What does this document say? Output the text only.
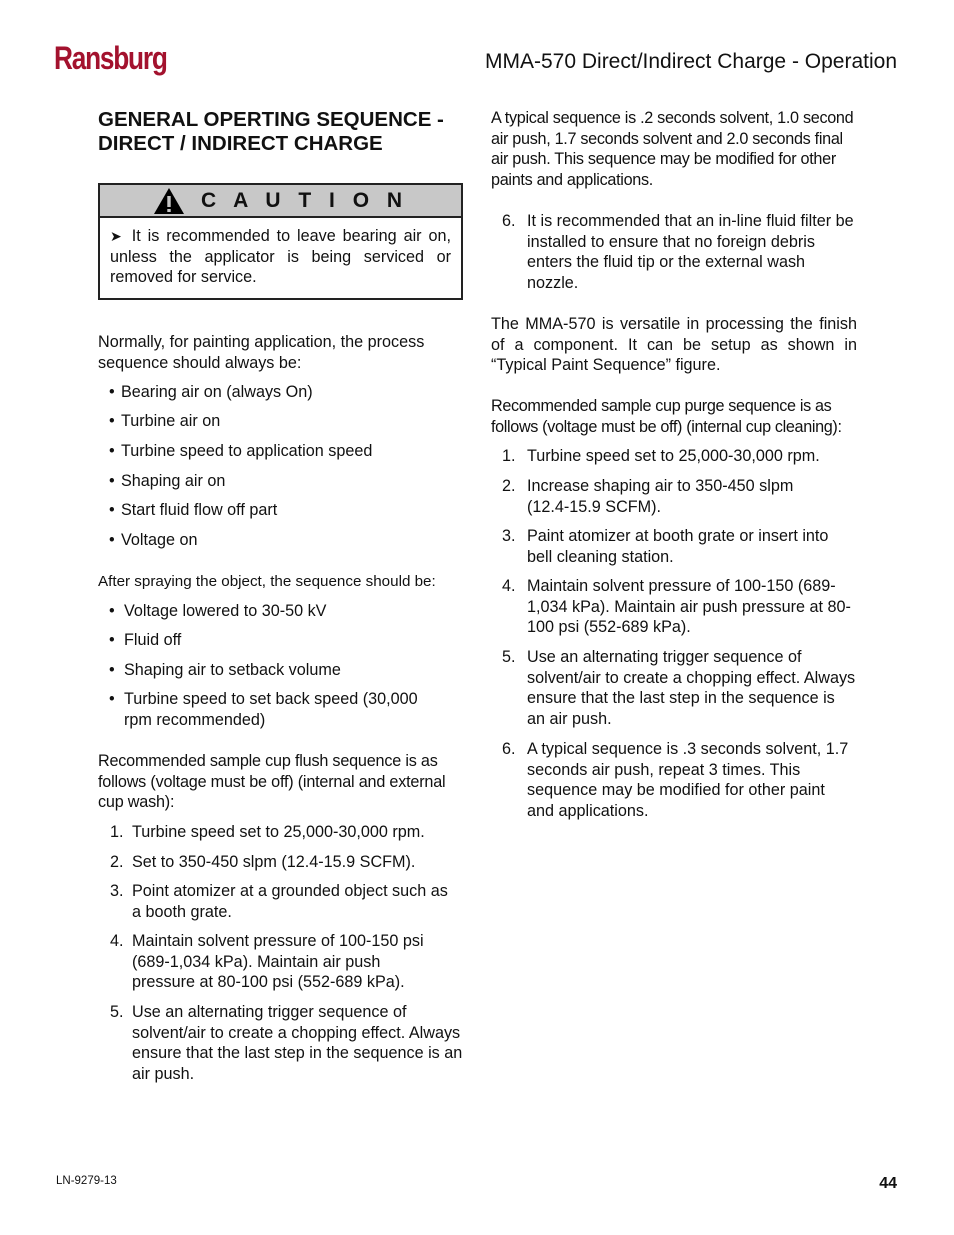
Ransburg	MMA-570 Direct/Indirect Charge - Operation
GENERAL OPERTING SEQUENCE - DIRECT / INDIRECT CHARGE
C A U T I O N
➤ It is recommended to leave bearing air on, unless the applicator is being serviced or removed for service.
Normally, for painting application, the process sequence should always be:
• Bearing air on (always On)
• Turbine air on
• Turbine speed to application speed
• Shaping air on
• Start fluid flow off part
• Voltage on
After spraying the object, the sequence should be:
• Voltage lowered to 30-50 kV
• Fluid off
• Shaping air to setback volume
• Turbine speed to set back speed (30,000 rpm recommended)
Recommended sample cup flush sequence is as follows (voltage must be off) (internal and external cup wash):
1. Turbine speed set to 25,000-30,000 rpm.
2. Set to 350-450 slpm (12.4-15.9 SCFM).
3. Point atomizer at a grounded object such as a booth grate.
4. Maintain solvent pressure of 100-150 psi (689-1,034 kPa). Maintain air push pressure at 80-100 psi (552-689 kPa).
5. Use an alternating trigger sequence of solvent/air to create a chopping effect. Always ensure that the last step in the sequence is an air push.
A typical sequence is .2 seconds solvent, 1.0 second air push, 1.7 seconds solvent and 2.0 seconds final air push. This sequence may be modified for other paints and applications.
6. It is recommended that an in-line fluid filter be installed to ensure that no foreign debris enters the fluid tip or the external wash nozzle.
The MMA-570 is versatile in processing the finish of a component. It can be setup as shown in “Typical Paint Sequence” figure.
Recommended sample cup purge sequence is as follows (voltage must be off) (internal cup cleaning):
1. Turbine speed set to 25,000-30,000 rpm.
2. Increase shaping air to 350-450 slpm (12.4-15.9 SCFM).
3. Paint atomizer at booth grate or insert into bell cleaning station.
4. Maintain solvent pressure of 100-150 (689-1,034 kPa). Maintain air push pressure at 80-100 psi (552-689 kPa).
5. Use an alternating trigger sequence of solvent/air to create a chopping effect. Always ensure that the last step in the sequence is an air push.
6. A typical sequence is .3 seconds solvent, 1.7 seconds air push, repeat 3 times. This sequence may be modified for other paint and applications.
LN-9279-13	44
